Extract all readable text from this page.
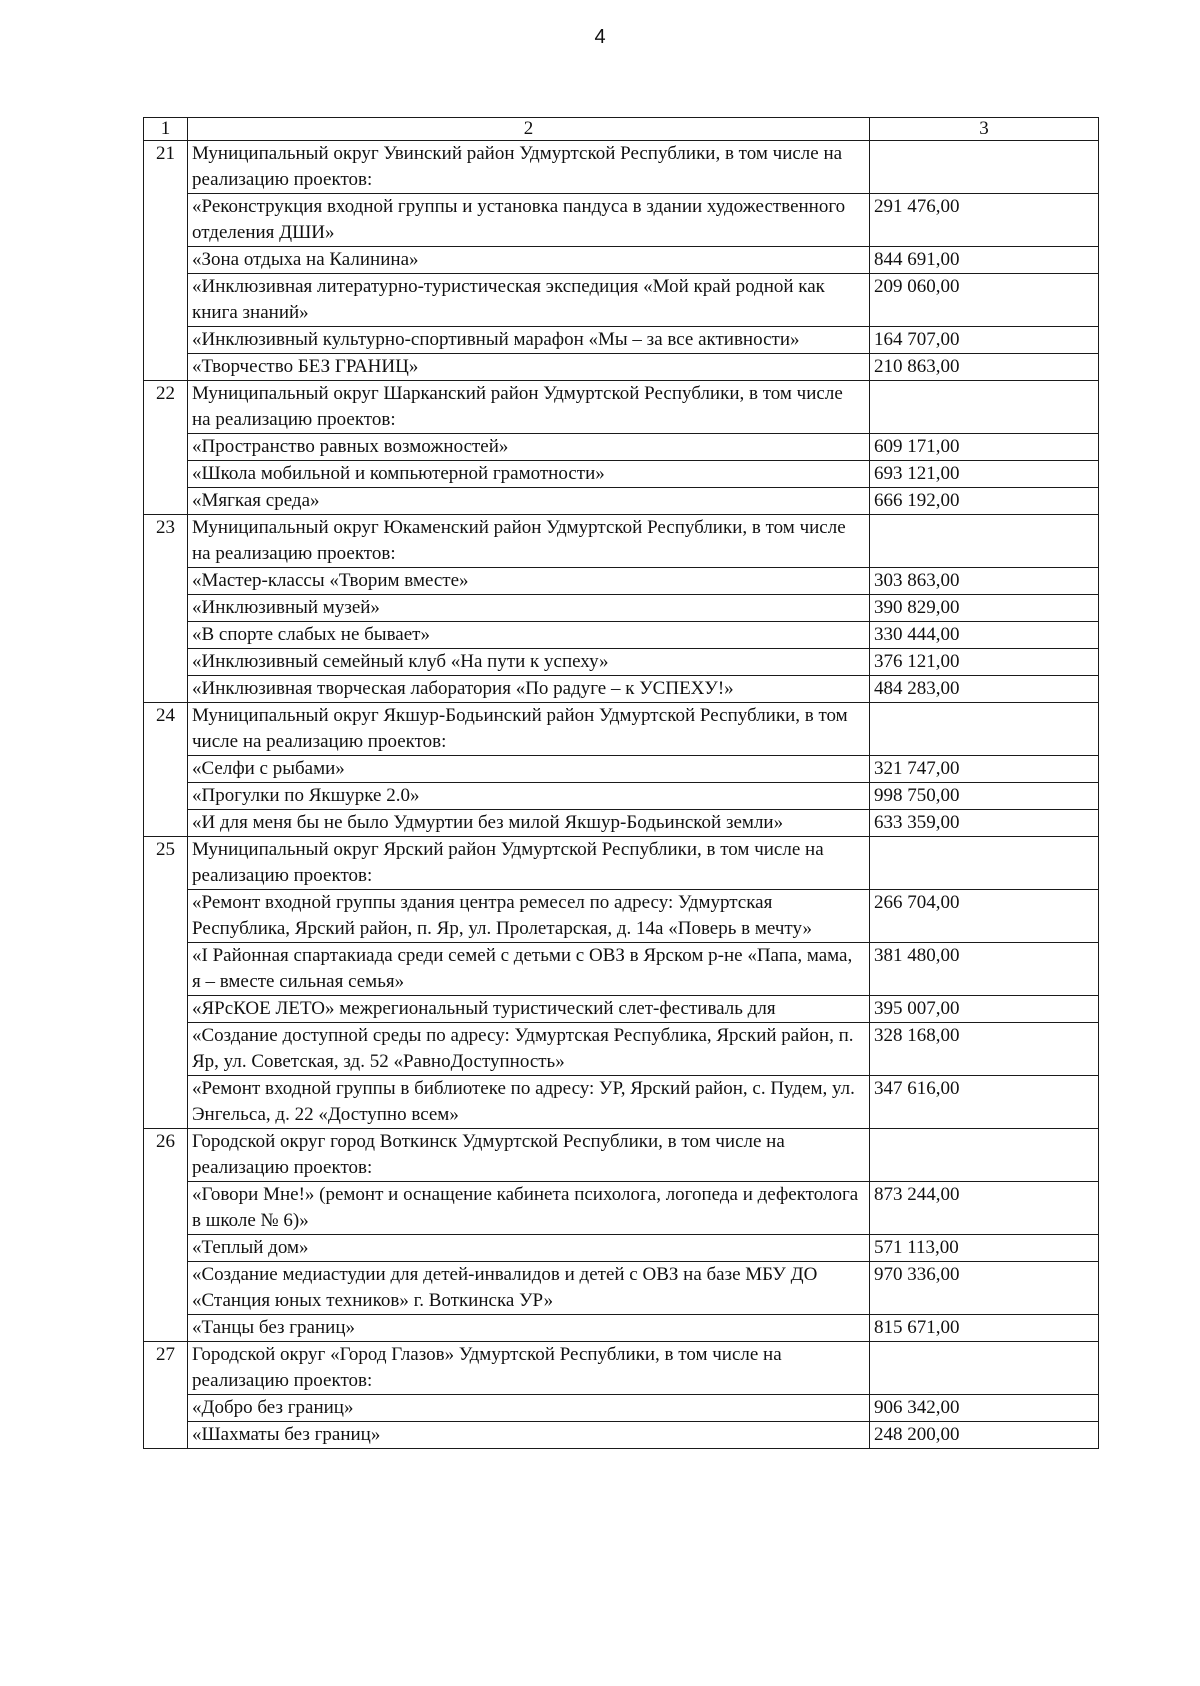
4
1	2	3
21	Муниципальный округ Увинский район Удмуртской Республики, в том числе на реализацию проектов:	
	«Реконструкция входной группы и установка пандуса в здании художественного отделения ДШИ»	291 476,00
	«Зона отдыха на Калинина»	844 691,00
	«Инклюзивная литературно-туристическая экспедиция «Мой край родной как книга знаний»	209 060,00
	«Инклюзивный культурно-спортивный марафон «Мы – за все активности»	164 707,00
	«Творчество БЕЗ ГРАНИЦ»	210 863,00
22	Муниципальный округ Шарканский район Удмуртской Республики, в том числе на реализацию проектов:	
	«Пространство равных возможностей»	609 171,00
	«Школа мобильной и компьютерной грамотности»	693 121,00
	«Мягкая среда»	666 192,00
23	Муниципальный округ Юкаменский район Удмуртской Республики, в том числе на реализацию проектов:	
	«Мастер-классы «Творим вместе»	303 863,00
	«Инклюзивный музей»	390 829,00
	«В спорте слабых не бывает»	330 444,00
	«Инклюзивный семейный клуб «На пути к успеху»	376 121,00
	«Инклюзивная творческая лаборатория «По радуге – к УСПЕХУ!»	484 283,00
24	Муниципальный округ Якшур-Бодьинский район Удмуртской Республики, в том числе на реализацию проектов:	
	«Селфи с рыбами»	321 747,00
	«Прогулки по Якшурке 2.0»	998 750,00
	«И для меня бы не было Удмуртии без милой Якшур-Бодьинской земли»	633 359,00
25	Муниципальный округ Ярский район Удмуртской Республики, в том числе на реализацию проектов:	
	«Ремонт входной группы здания центра ремесел по адресу: Удмуртская Республика, Ярский район, п. Яр, ул. Пролетарская, д. 14а «Поверь в мечту»	266 704,00
	«I Районная спартакиада среди семей с детьми с ОВЗ в Ярском р-не «Папа, мама, я – вместе сильная семья»	381 480,00
	«ЯРсКОЕ ЛЕТО» межрегиональный туристический слет-фестиваль для	395 007,00
	«Создание доступной среды по адресу: Удмуртская Республика, Ярский район, п. Яр, ул. Советская, зд. 52 «РавноДоступность»	328 168,00
	«Ремонт входной группы в библиотеке по адресу: УР, Ярский район, с. Пудем, ул. Энгельса, д. 22 «Доступно всем»	347 616,00
26	Городской округ город Воткинск Удмуртской Республики, в том числе на реализацию проектов:	
	«Говори Мне!» (ремонт и оснащение кабинета психолога, логопеда и дефектолога в школе № 6)»	873 244,00
	«Теплый дом»	571 113,00
	«Создание медиастудии для детей-инвалидов и детей с ОВЗ на базе МБУ ДО «Станция юных техников» г. Воткинска УР»	970 336,00
	«Танцы без границ»	815 671,00
27	Городской округ «Город Глазов» Удмуртской Республики, в том числе на реализацию проектов:	
	«Добро без границ»	906 342,00
	«Шахматы без границ»	248 200,00
